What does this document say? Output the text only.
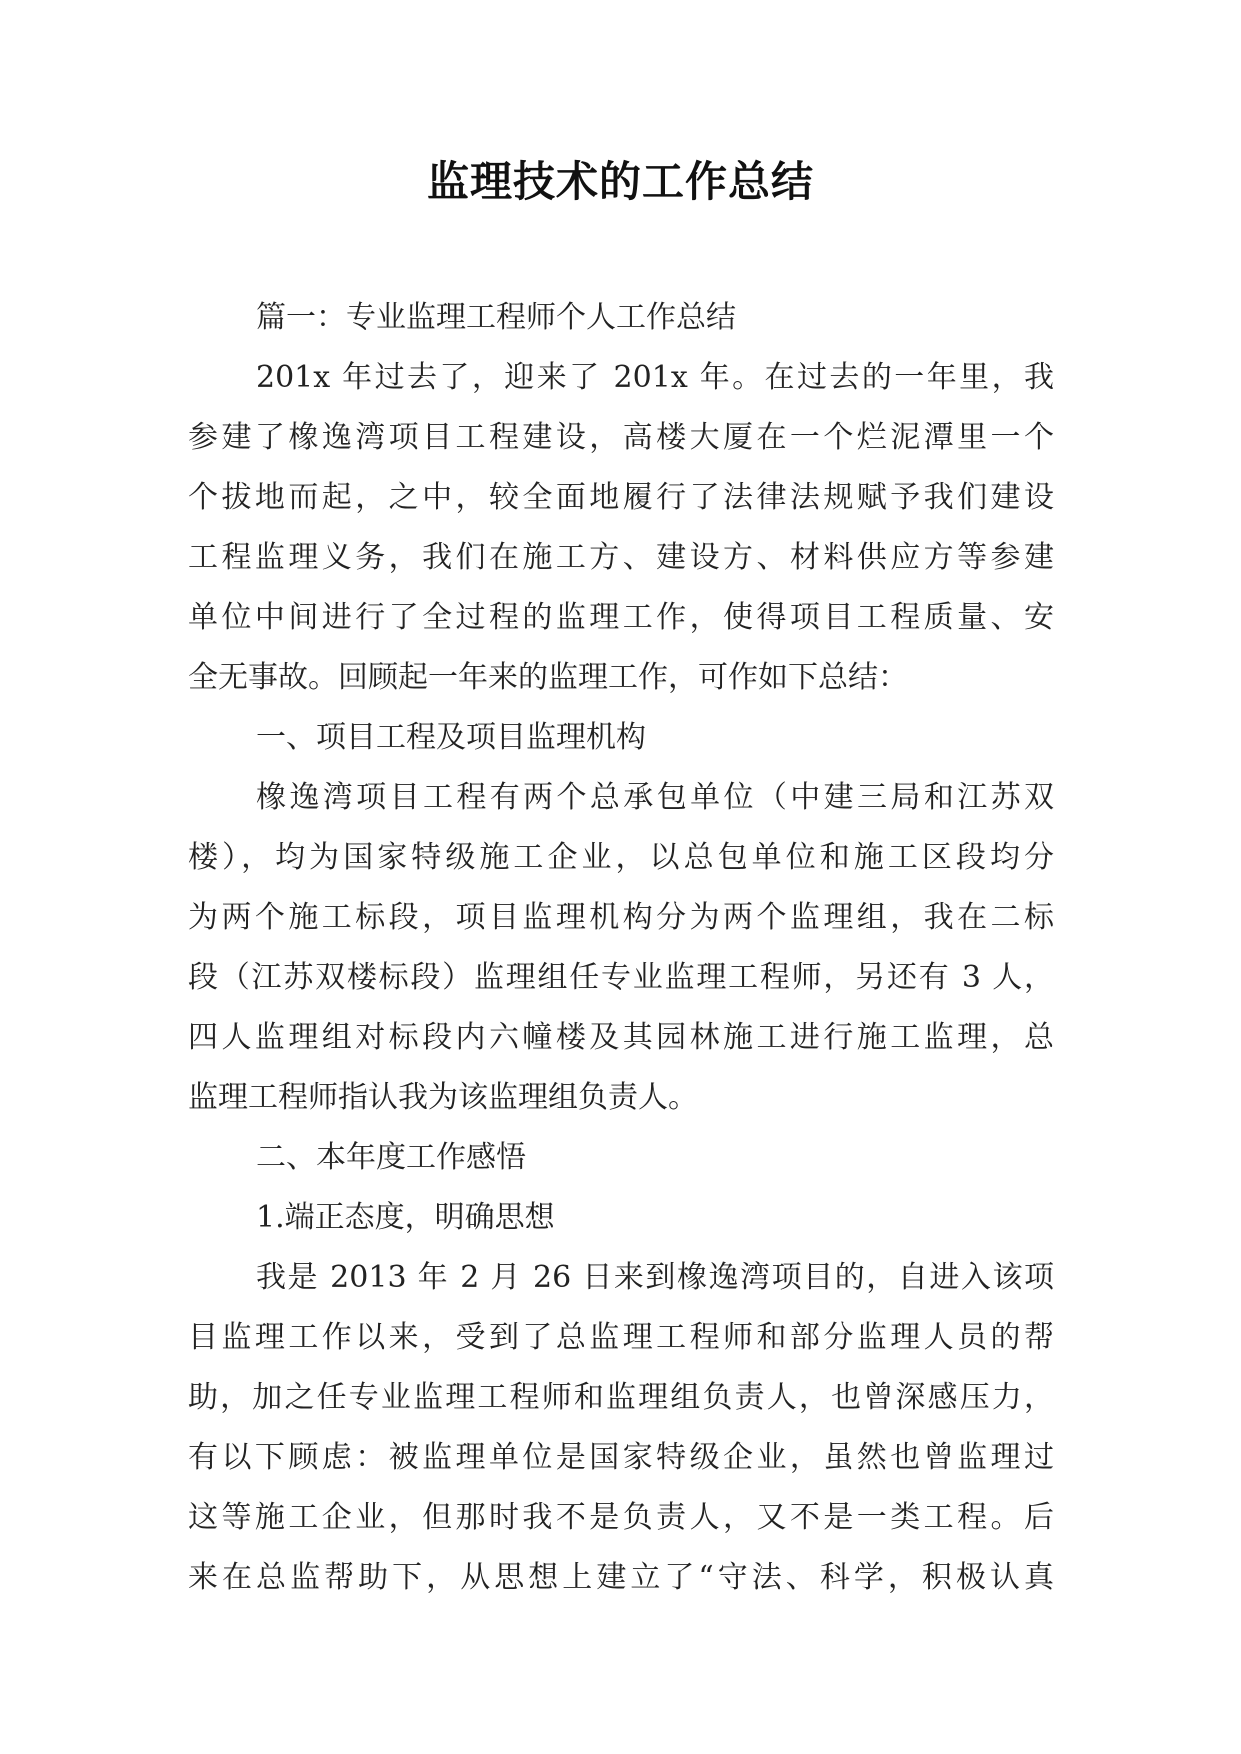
监理技术的工作总结
篇一：专业监理工程师个人工作总结
201x 年过去了，迎来了 201x 年。在过去的一年里，我
参建了橡逸湾项目工程建设，高楼大厦在一个烂泥潭里一个
个拔地而起，之中，较全面地履行了法律法规赋予我们建设
工程监理义务，我们在施工方、建设方、材料供应方等参建
单位中间进行了全过程的监理工作，使得项目工程质量、安
全无事故。回顾起一年来的监理工作，可作如下总结：
一、项目工程及项目监理机构
橡逸湾项目工程有两个总承包单位（中建三局和江苏双
楼），均为国家特级施工企业，以总包单位和施工区段均分
为两个施工标段，项目监理机构分为两个监理组，我在二标
段（江苏双楼标段）监理组任专业监理工程师，另还有 3 人，
四人监理组对标段内六幢楼及其园林施工进行施工监理，总
监理工程师指认我为该监理组负责人。
二、本年度工作感悟
1.端正态度，明确思想
我是 2013 年 2 月 26 日来到橡逸湾项目的，自进入该项
目监理工作以来，受到了总监理工程师和部分监理人员的帮
助，加之任专业监理工程师和监理组负责人，也曾深感压力，
有以下顾虑：被监理单位是国家特级企业，虽然也曾监理过
这等施工企业，但那时我不是负责人，又不是一类工程。后
来在总监帮助下，从思想上建立了“守法、科学，积极认真
